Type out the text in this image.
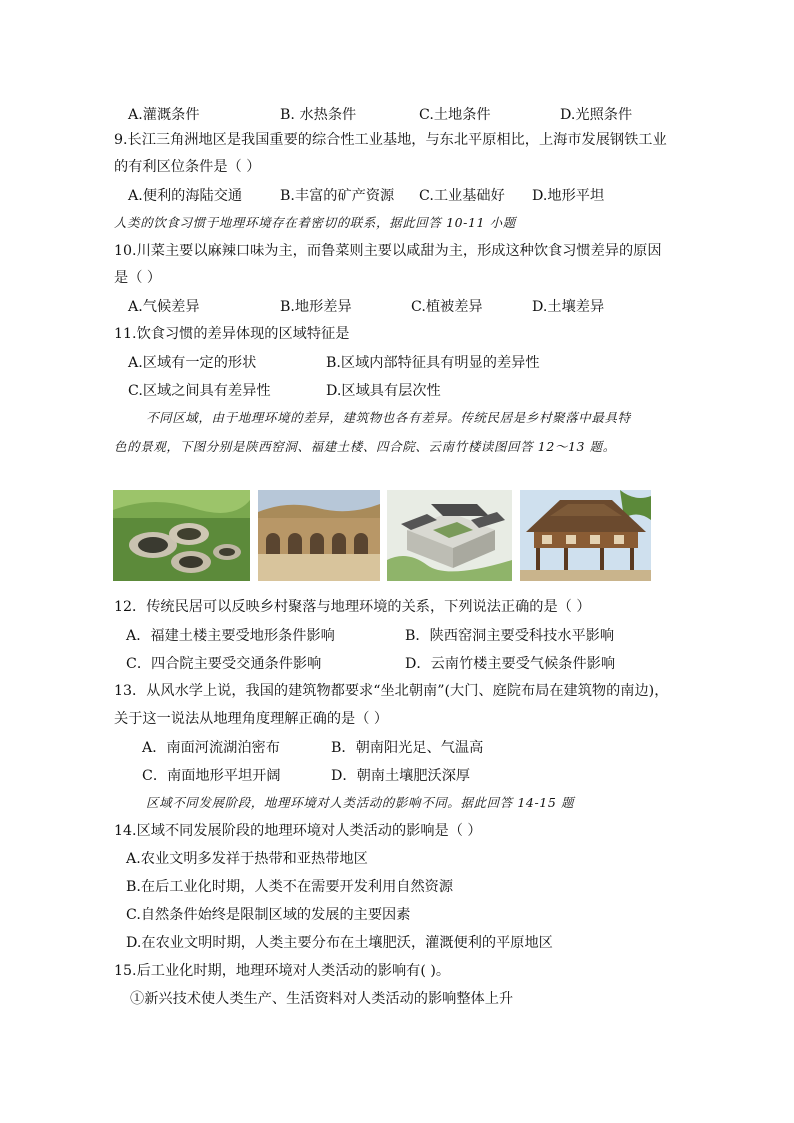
A.灌溉条件	B. 水热条件	C.土地条件	D.光照条件
9.长江三角洲地区是我国重要的综合性工业基地，与东北平原相比，上海市发展钢铁工业
的有利区位条件是（ ）
A.便利的海陆交通	B.丰富的矿产资源 C.工业基础好 D.地形平坦
人类的饮食习惯于地理环境存在着密切的联系，据此回答 10-11 小题
10.川菜主要以麻辣口味为主，而鲁菜则主要以咸甜为主，形成这种饮食习惯差异的原因
是（ ）
A.气候差异	B.地形差异	C.植被差异	D.土壤差异
11.饮食习惯的差异体现的区域特征是
A.区域有一定的形状	B.区域内部特征具有明显的差异性
C.区域之间具有差异性	D.区域具有层次性
不同区域，由于地理环境的差异，建筑物也各有差异。传统民居是乡村聚落中最具特
色的景观，下图分别是陕西窑洞、福建土楼、四合院、云南竹楼读图回答 12～13 题。
12．传统民居可以反映乡村聚落与地理环境的关系，下列说法正确的是（ ）
A．福建土楼主要受地形条件影响	B．陕西窑洞主要受科技水平影响
C．四合院主要受交通条件影响	D．云南竹楼主要受气候条件影响
13．从风水学上说，我国的建筑物都要求“坐北朝南”(大门、庭院布局在建筑物的南边)，
关于这一说法从地理角度理解正确的是（ ）
A．南面河流湖泊密布	B．朝南阳光足、气温高
C．南面地形平坦开阔	D．朝南土壤肥沃深厚
区域不同发展阶段，地理环境对人类活动的影响不同。据此回答 14-15 题
14.区域不同发展阶段的地理环境对人类活动的影响是（ ）
A.农业文明多发祥于热带和亚热带地区
B.在后工业化时期，人类不在需要开发利用自然资源
C.自然条件始终是限制区域的发展的主要因素
D.在农业文明时期，人类主要分布在土壤肥沃，灌溉便利的平原地区
15.后工业化时期，地理环境对人类活动的影响有( )。
①新兴技术使人类生产、生活资料对人类活动的影响整体上升
